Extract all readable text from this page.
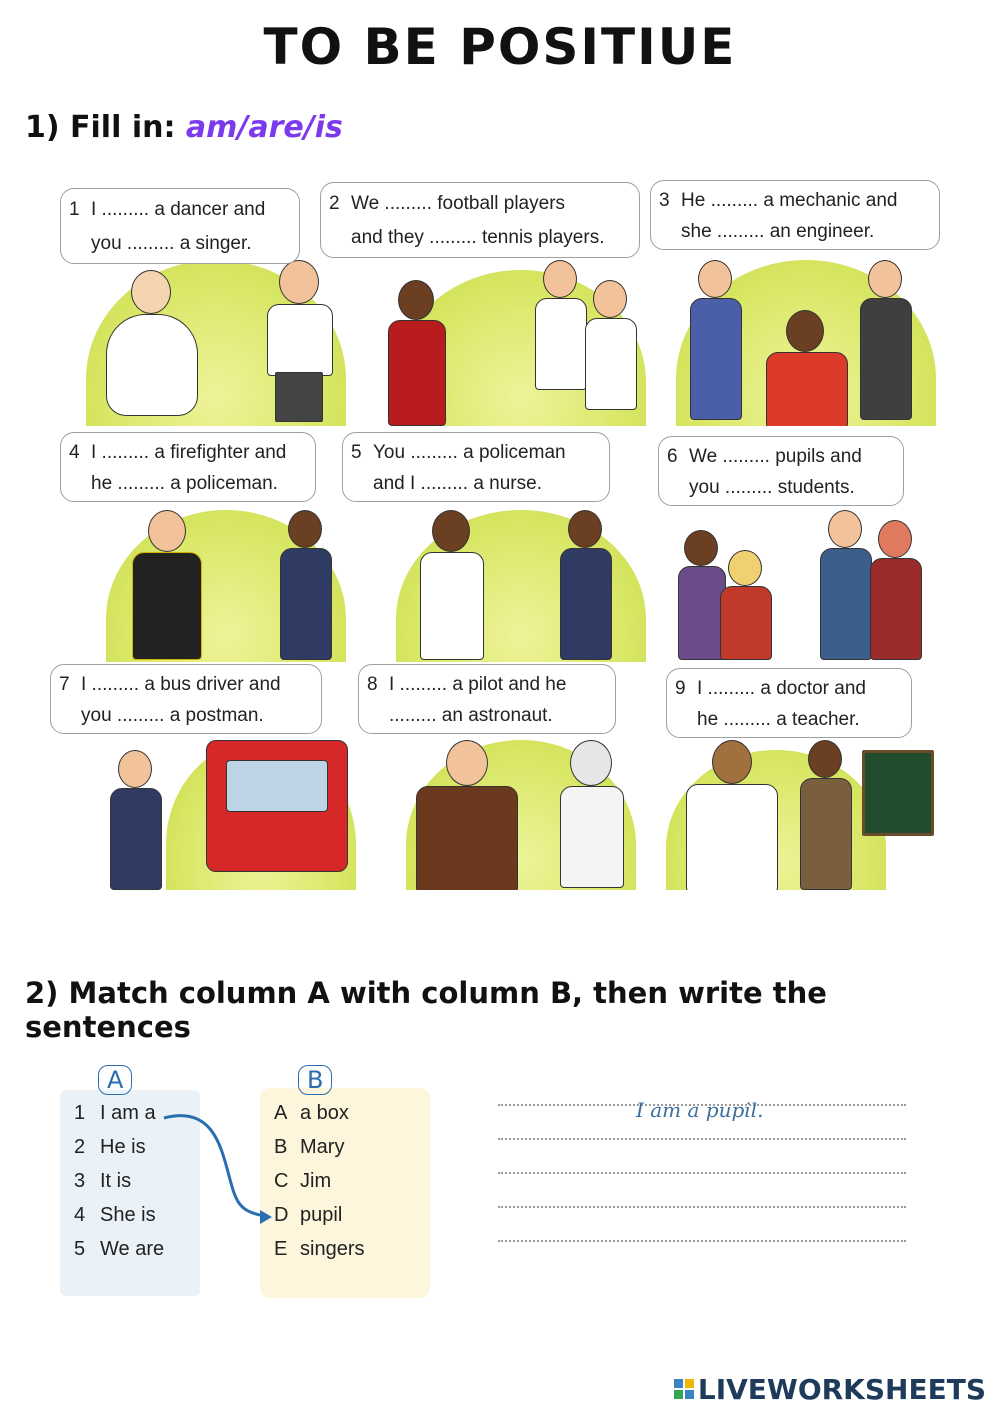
TO BE POSITIUE
1) Fill in: am/are/is
1 I ......... a dancer and
you ......... a singer.
2 We ......... football players
and they ......... tennis players.
3 He ......... a mechanic and
she ......... an engineer.
4 I ......... a firefighter and
he ......... a policeman.
5 You ......... a policeman
and I ......... a nurse.
6 We ......... pupils and
you ......... students.
7 I ......... a bus driver and
you ......... a postman.
8 I ......... a pilot and he
......... an astronaut.
9 I ......... a doctor and
he ......... a teacher.
2) Match column A with column B, then write the sentences
A	B
1 I am a
2 He is
3 It is
4 She is
5 We are
A a box
B Mary
C Jim
D pupil
E singers
I am a pupil.
LIVEWORKSHEETS
